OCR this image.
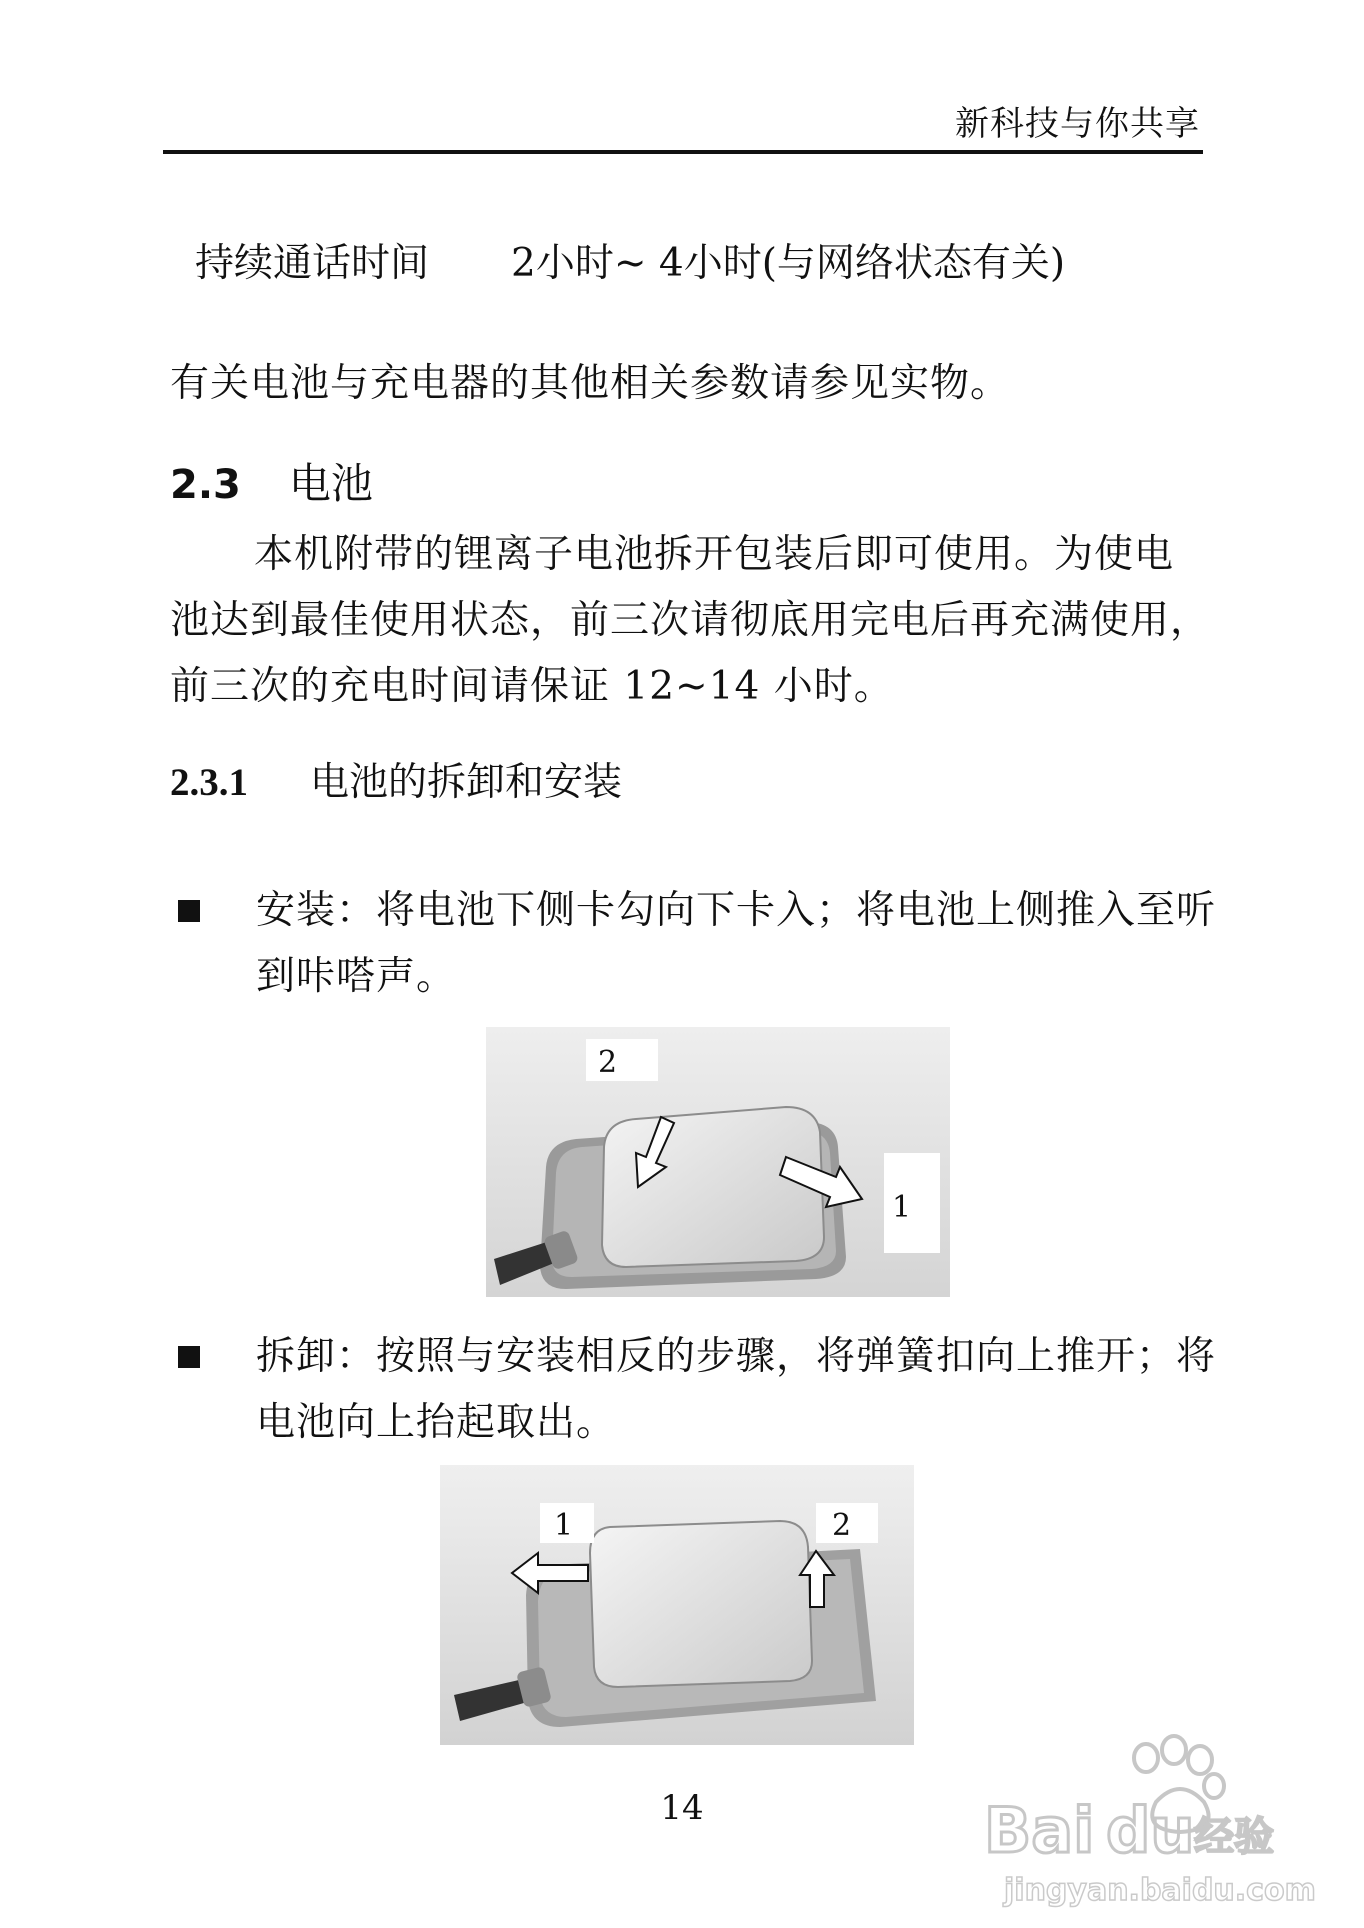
新科技与你共享
持续通话时间 2小时~ 4小时(与网络状态有关)
有关电池与充电器的其他相关参数请参见实物。
2.3 电池
本机附带的锂离子电池拆开包装后即可使用。为使电池达到最佳使用状态，前三次请彻底用完电后再充满使用，前三次的充电时间请保证 12~14 小时。
2.3.1 电池的拆卸和安装
安装：将电池下侧卡勾向下卡入；将电池上侧推入至听到咔嗒声。
2
1
拆卸：按照与安装相反的步骤，将弹簧扣向上推开；将电池向上抬起取出。
1	2
14	Bai du 经验
jingyan.baidu.com
